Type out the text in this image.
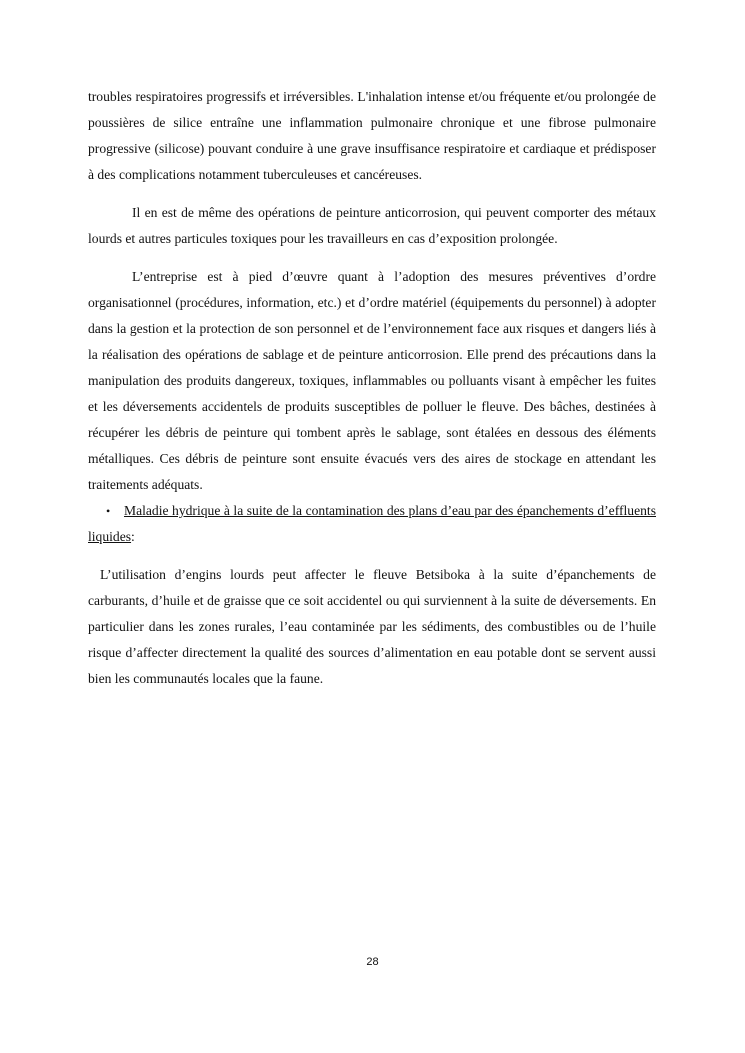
troubles respiratoires progressifs et irréversibles. L'inhalation intense et/ou fréquente et/ou prolongée de poussières de silice entraîne une inflammation pulmonaire chronique et une fibrose pulmonaire progressive (silicose) pouvant conduire à une grave insuffisance respiratoire et cardiaque et prédisposer à des complications notamment tuberculeuses et cancéreuses.

Il en est de même des opérations de peinture anticorrosion, qui peuvent comporter des métaux lourds et autres particules toxiques pour les travailleurs en cas d’exposition prolongée.

L’entreprise est à pied d’œuvre quant à l’adoption des mesures préventives d’ordre organisationnel (procédures, information, etc.) et d’ordre matériel (équipements du personnel) à adopter dans la gestion et la protection de son personnel et de l’environnement face aux risques et dangers liés à la réalisation des opérations de sablage et de peinture anticorrosion. Elle prend des précautions dans la manipulation des produits dangereux, toxiques, inflammables ou polluants visant à empêcher les fuites et les déversements accidentels de produits susceptibles de polluer le fleuve. Des bâches, destinées à récupérer les débris de peinture qui tombent après le sablage, sont étalées en dessous des éléments métalliques. Ces débris de peinture sont ensuite évacués vers des aires de stockage en attendant les traitements adéquats.

• Maladie hydrique à la suite de la contamination des plans d’eau par des épanchements d’effluents liquides:

L’utilisation d’engins lourds peut affecter le fleuve Betsiboka à la suite d’épanchements de carburants, d’huile et de graisse que ce soit accidentel ou qui surviennent à la suite de déversements. En particulier dans les zones rurales, l’eau contaminée par les sédiments, des combustibles ou de l’huile risque d’affecter directement la qualité des sources d’alimentation en eau potable dont se servent aussi bien les communautés locales que la faune.

28
